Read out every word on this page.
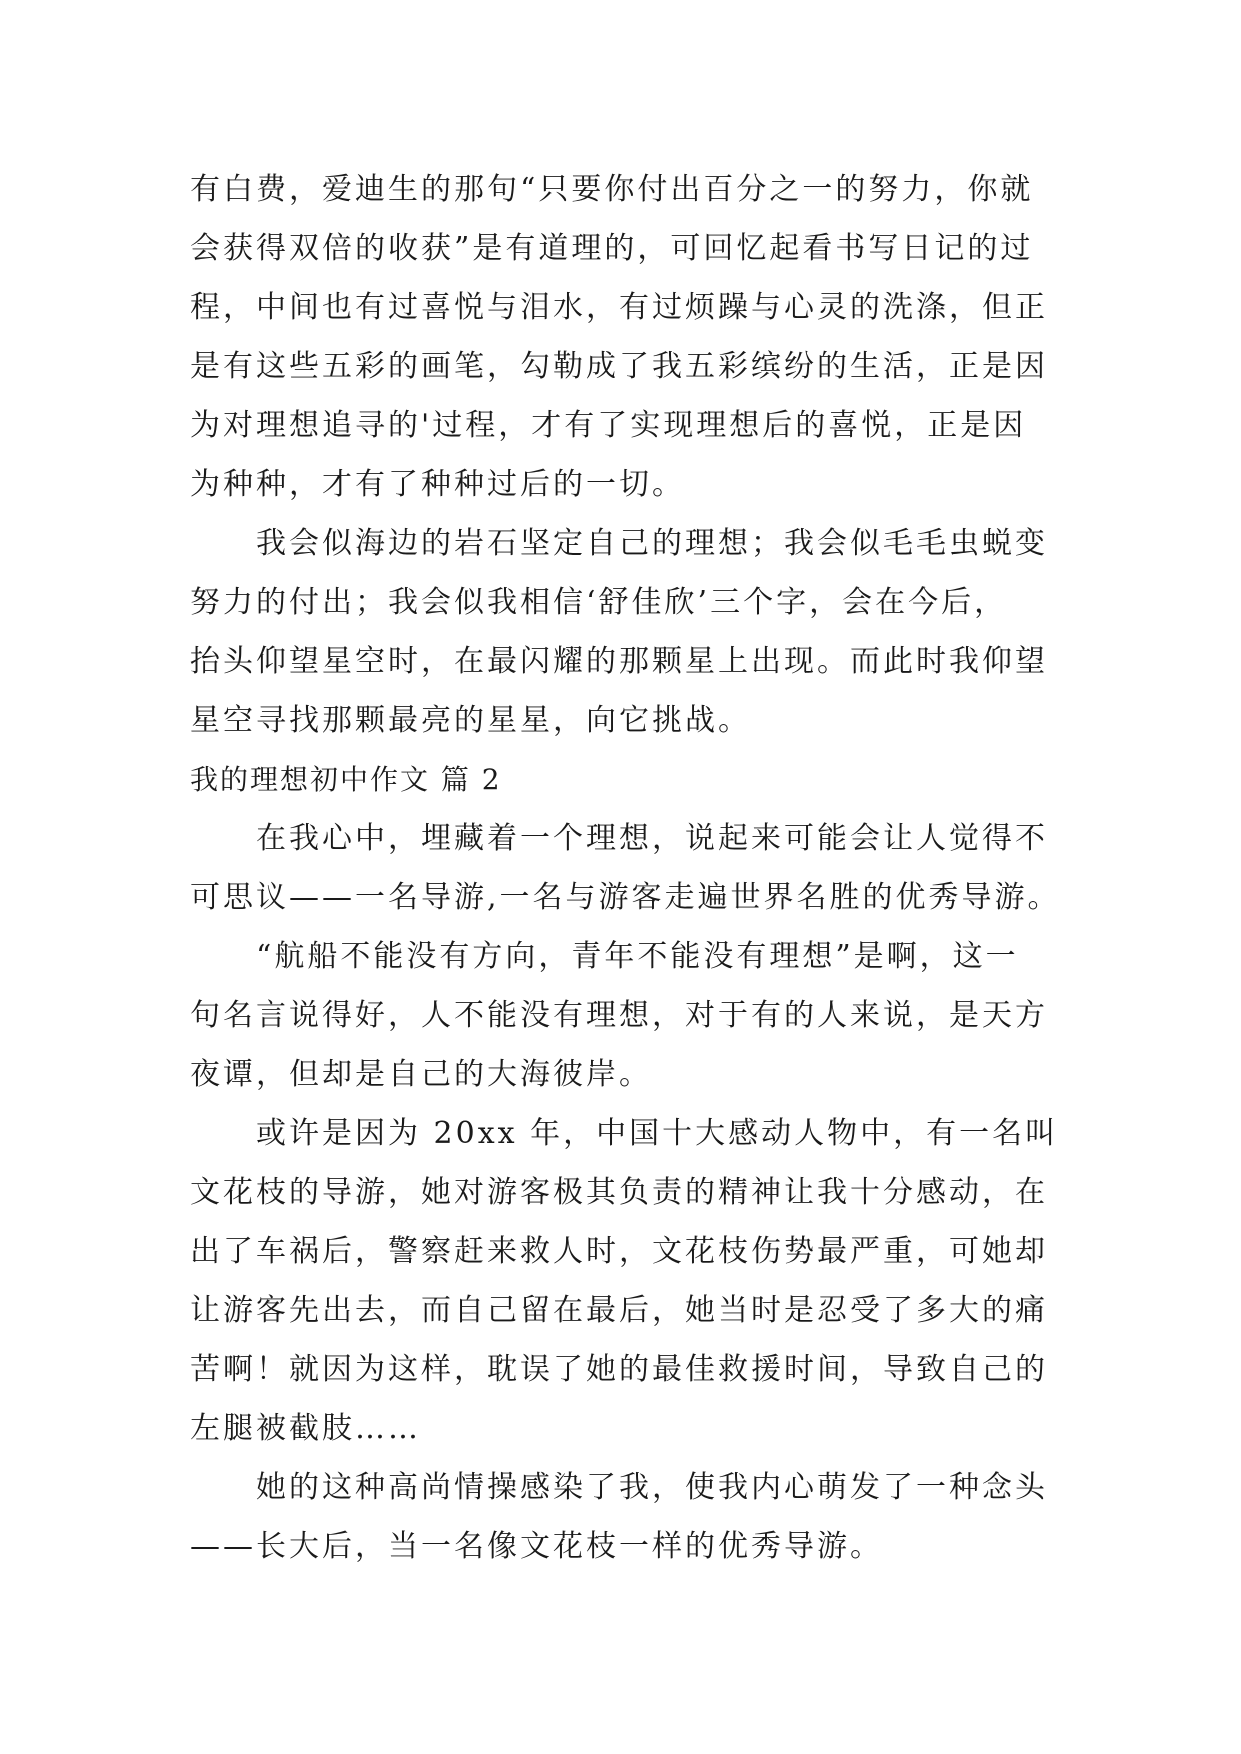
有白费，爱迪生的那句“只要你付出百分之一的努力，你就
会获得双倍的收获”是有道理的，可回忆起看书写日记的过
程，中间也有过喜悦与泪水，有过烦躁与心灵的洗涤，但正
是有这些五彩的画笔，勾勒成了我五彩缤纷的生活，正是因
为对理想追寻的'过程，才有了实现理想后的喜悦，正是因
为种种，才有了种种过后的一切。
我会似海边的岩石坚定自己的理想；我会似毛毛虫蜕变
努力的付出；我会似我相信‘舒佳欣’三个字，会在今后，
抬头仰望星空时，在最闪耀的那颗星上出现。而此时我仰望
星空寻找那颗最亮的星星，向它挑战。
我的理想初中作文 篇 2
在我心中，埋藏着一个理想，说起来可能会让人觉得不
可思议——一名导游,一名与游客走遍世界名胜的优秀导游。
“航船不能没有方向，青年不能没有理想”是啊，这一
句名言说得好，人不能没有理想，对于有的人来说，是天方
夜谭，但却是自己的大海彼岸。
或许是因为 20xx 年，中国十大感动人物中，有一名叫
文花枝的导游，她对游客极其负责的精神让我十分感动，在
出了车祸后，警察赶来救人时，文花枝伤势最严重，可她却
让游客先出去，而自己留在最后，她当时是忍受了多大的痛
苦啊！就因为这样，耽误了她的最佳救援时间，导致自己的
左腿被截肢……
她的这种高尚情操感染了我，使我内心萌发了一种念头
——长大后，当一名像文花枝一样的优秀导游。
